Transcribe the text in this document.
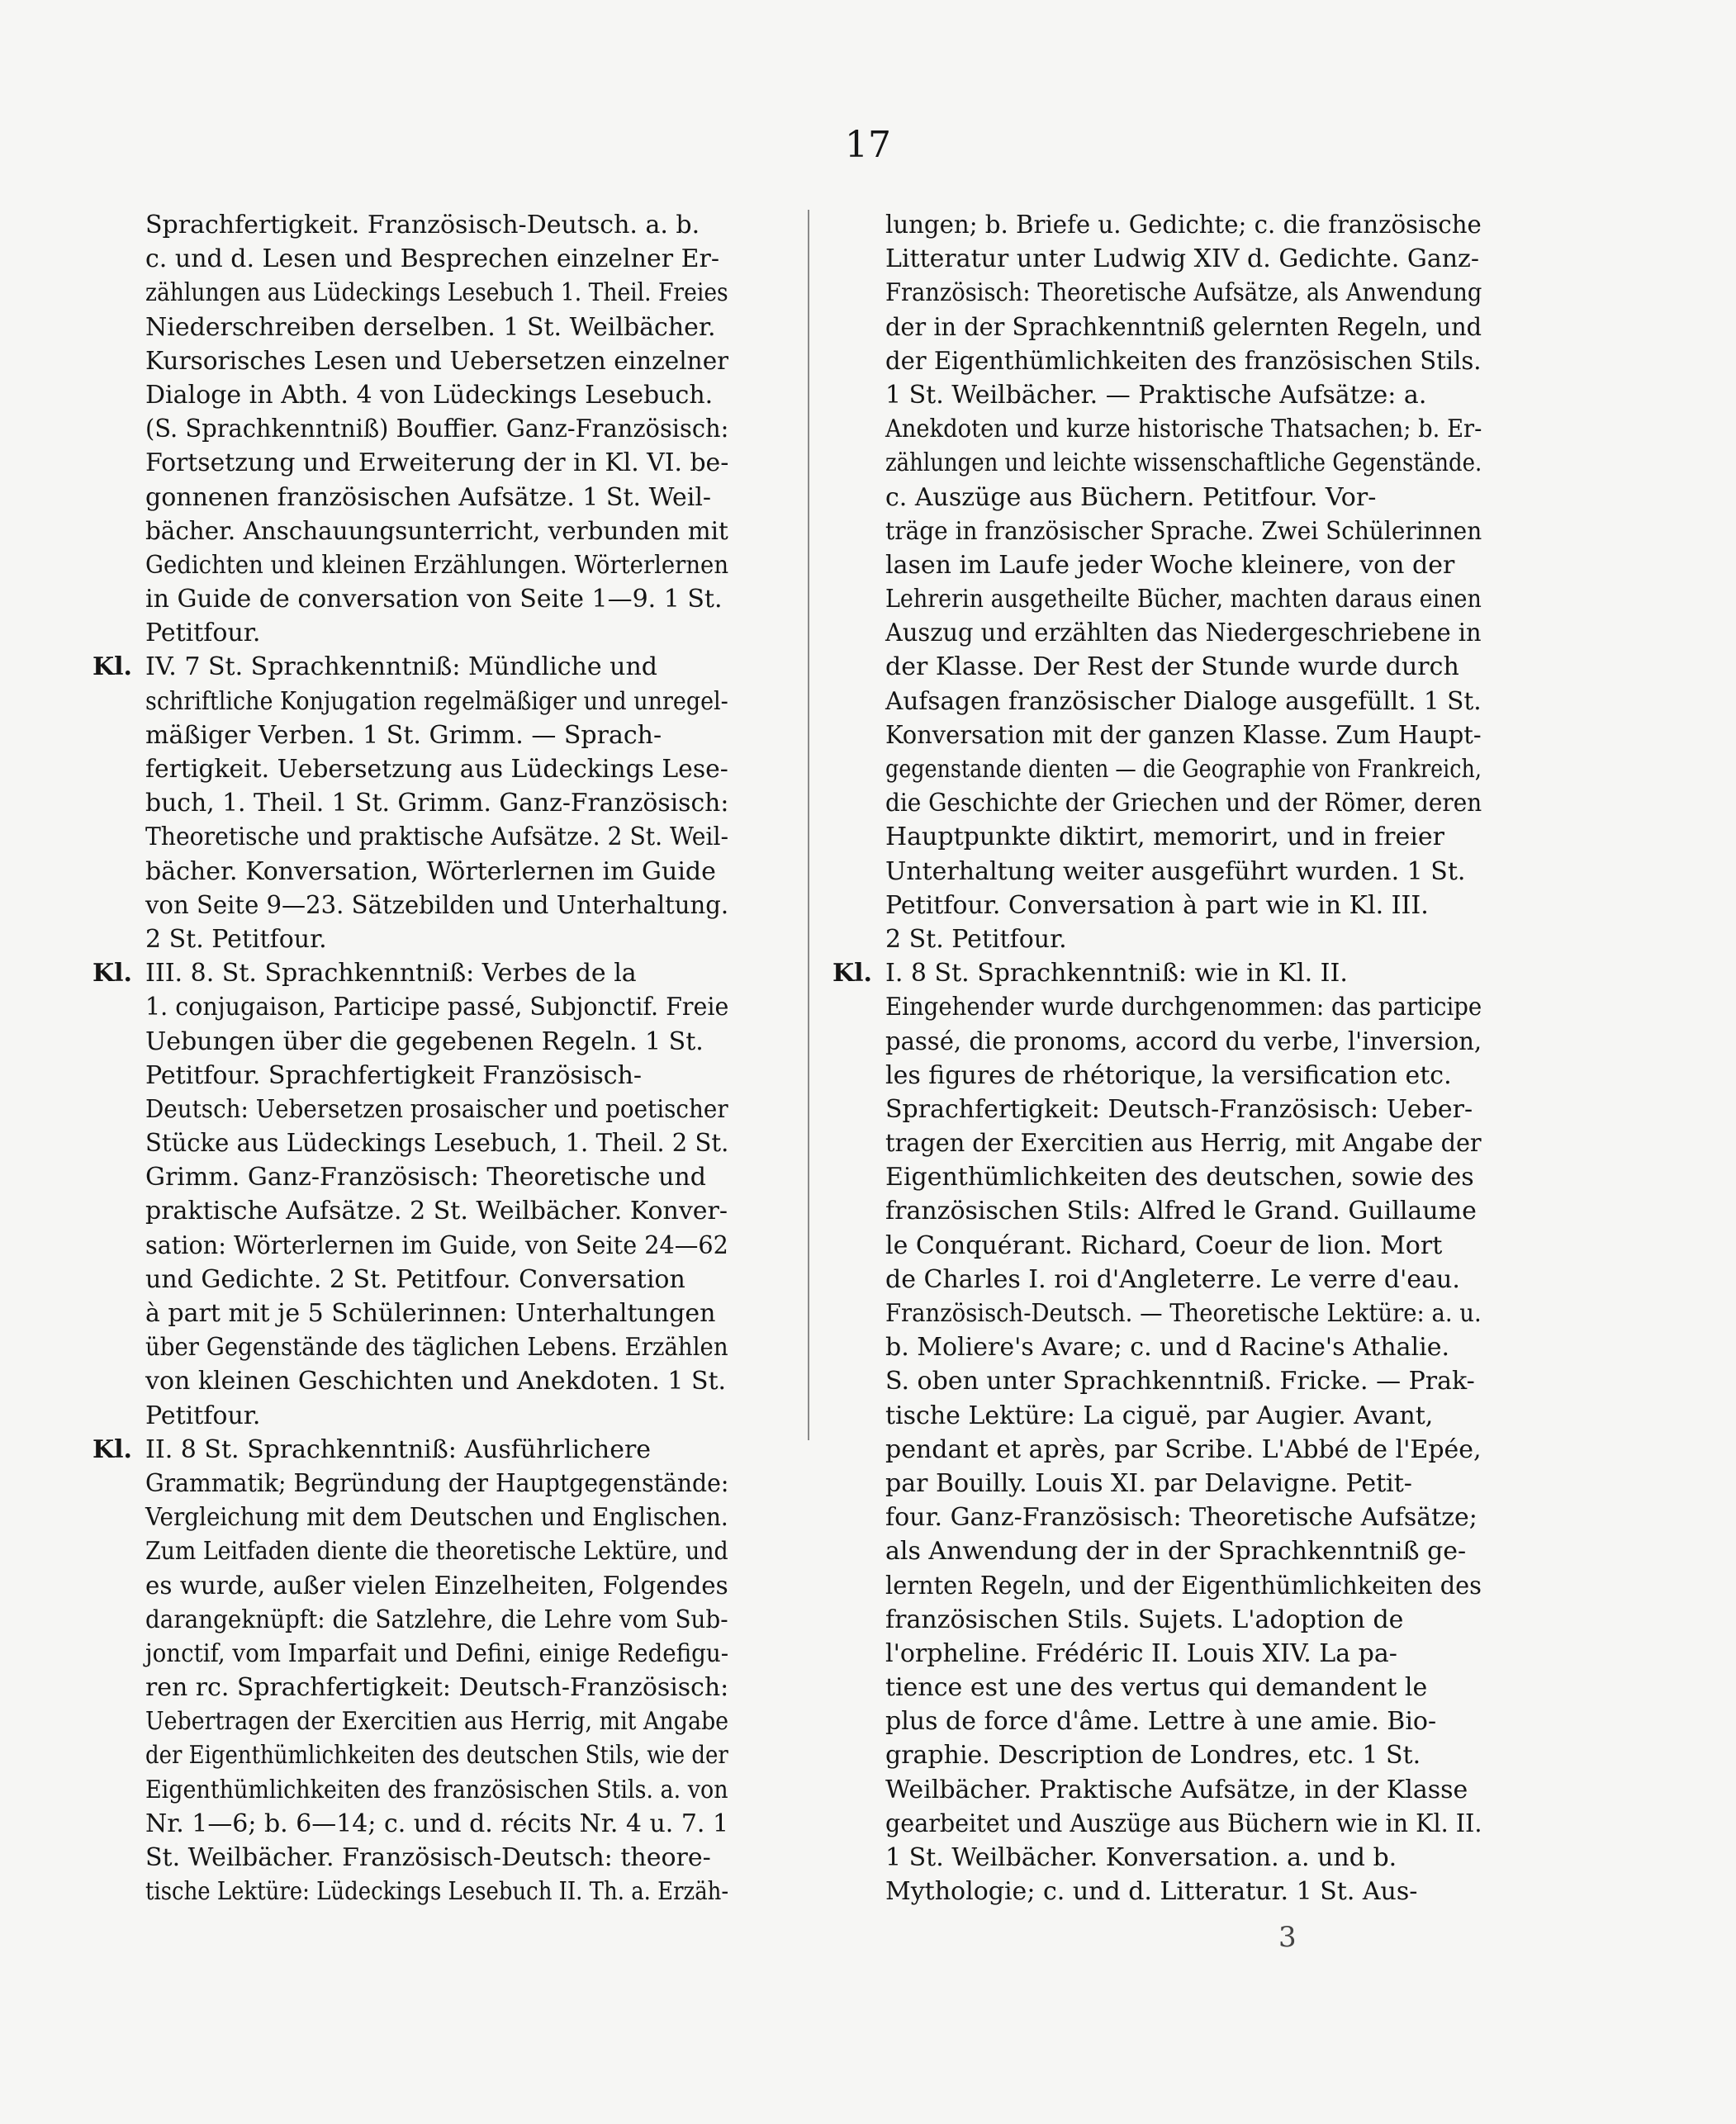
17
Sprachfertigkeit. Französisch-Deutsch. a. b.
c. und d. Lesen und Besprechen einzelner Er-
zählungen aus Lüdeckings Lesebuch 1. Theil. Freies
Niederschreiben derselben. 1 St. Weilbächer.
Kursorisches Lesen und Uebersetzen einzelner
Dialoge in Abth. 4 von Lüdeckings Lesebuch.
(S. Sprachkenntniß) Bouffier. Ganz-Französisch:
Fortsetzung und Erweiterung der in Kl. VI. be-
gonnenen französischen Aufsätze. 1 St. Weil-
bächer. Anschauungsunterricht, verbunden mit
Gedichten und kleinen Erzählungen. Wörterlernen
in Guide de conversation von Seite 1—9. 1 St.
Petitfour.
Kl. IV. 7 St. Sprachkenntniß: Mündliche und
schriftliche Konjugation regelmäßiger und unregel-
mäßiger Verben. 1 St. Grimm. — Sprach-
fertigkeit. Uebersetzung aus Lüdeckings Lese-
buch, 1. Theil. 1 St. Grimm. Ganz-Französisch:
Theoretische und praktische Aufsätze. 2 St. Weil-
bächer. Konversation, Wörterlernen im Guide
von Seite 9—23. Sätzebilden und Unterhaltung.
2 St. Petitfour.
Kl. III. 8. St. Sprachkenntniß: Verbes de la
1. conjugaison, Participe passé, Subjonctif. Freie
Uebungen über die gegebenen Regeln. 1 St.
Petitfour. Sprachfertigkeit Französisch-
Deutsch: Uebersetzen prosaischer und poetischer
Stücke aus Lüdeckings Lesebuch, 1. Theil. 2 St.
Grimm. Ganz-Französisch: Theoretische und
praktische Aufsätze. 2 St. Weilbächer. Konver-
sation: Wörterlernen im Guide, von Seite 24—62
und Gedichte. 2 St. Petitfour. Conversation
à part mit je 5 Schülerinnen: Unterhaltungen
über Gegenstände des täglichen Lebens. Erzählen
von kleinen Geschichten und Anekdoten. 1 St.
Petitfour.
Kl. II. 8 St. Sprachkenntniß: Ausführlichere
Grammatik; Begründung der Hauptgegenstände:
Vergleichung mit dem Deutschen und Englischen.
Zum Leitfaden diente die theoretische Lektüre, und
es wurde, außer vielen Einzelheiten, Folgendes
darangeknüpft: die Satzlehre, die Lehre vom Sub-
jonctif, vom Imparfait und Defini, einige Redefigu-
ren rc. Sprachfertigkeit: Deutsch-Französisch:
Uebertragen der Exercitien aus Herrig, mit Angabe
der Eigenthümlichkeiten des deutschen Stils, wie der
Eigenthümlichkeiten des französischen Stils. a. von
Nr. 1—6; b. 6—14; c. und d. récits Nr. 4 u. 7. 1
St. Weilbächer. Französisch-Deutsch: theore-
tische Lektüre: Lüdeckings Lesebuch II. Th. a. Erzäh-
lungen; b. Briefe u. Gedichte; c. die französische
Litteratur unter Ludwig XIV d. Gedichte. Ganz-
Französisch: Theoretische Aufsätze, als Anwendung
der in der Sprachkenntniß gelernten Regeln, und
der Eigenthümlichkeiten des französischen Stils.
1 St. Weilbächer. — Praktische Aufsätze: a.
Anekdoten und kurze historische Thatsachen; b. Er-
zählungen und leichte wissenschaftliche Gegenstände.
c. Auszüge aus Büchern. Petitfour. Vor-
träge in französischer Sprache. Zwei Schülerinnen
lasen im Laufe jeder Woche kleinere, von der
Lehrerin ausgetheilte Bücher, machten daraus einen
Auszug und erzählten das Niedergeschriebene in
der Klasse. Der Rest der Stunde wurde durch
Aufsagen französischer Dialoge ausgefüllt. 1 St.
Konversation mit der ganzen Klasse. Zum Haupt-
gegenstande dienten — die Geographie von Frankreich,
die Geschichte der Griechen und der Römer, deren
Hauptpunkte diktirt, memorirt, und in freier
Unterhaltung weiter ausgeführt wurden. 1 St.
Petitfour. Conversation à part wie in Kl. III.
2 St. Petitfour.
Kl. I. 8 St. Sprachkenntniß: wie in Kl. II.
Eingehender wurde durchgenommen: das participe
passé, die pronoms, accord du verbe, l'inversion,
les figures de rhétorique, la versification etc.
Sprachfertigkeit: Deutsch-Französisch: Ueber-
tragen der Exercitien aus Herrig, mit Angabe der
Eigenthümlichkeiten des deutschen, sowie des
französischen Stils: Alfred le Grand. Guillaume
le Conquérant. Richard, Coeur de lion. Mort
de Charles I. roi d'Angleterre. Le verre d'eau.
Französisch-Deutsch. — Theoretische Lektüre: a. u.
b. Moliere's Avare; c. und d Racine's Athalie.
S. oben unter Sprachkenntniß. Fricke. — Prak-
tische Lektüre: La ciguë, par Augier. Avant,
pendant et après, par Scribe. L'Abbé de l'Epée,
par Bouilly. Louis XI. par Delavigne. Petit-
four. Ganz-Französisch: Theoretische Aufsätze;
als Anwendung der in der Sprachkenntniß ge-
lernten Regeln, und der Eigenthümlichkeiten des
französischen Stils. Sujets. L'adoption de
l'orpheline. Frédéric II. Louis XIV. La pa-
tience est une des vertus qui demandent le
plus de force d'âme. Lettre à une amie. Bio-
graphie. Description de Londres, etc. 1 St.
Weilbächer. Praktische Aufsätze, in der Klasse
gearbeitet und Auszüge aus Büchern wie in Kl. II.
1 St. Weilbächer. Konversation. a. und b.
Mythologie; c. und d. Litteratur. 1 St. Aus-
3
